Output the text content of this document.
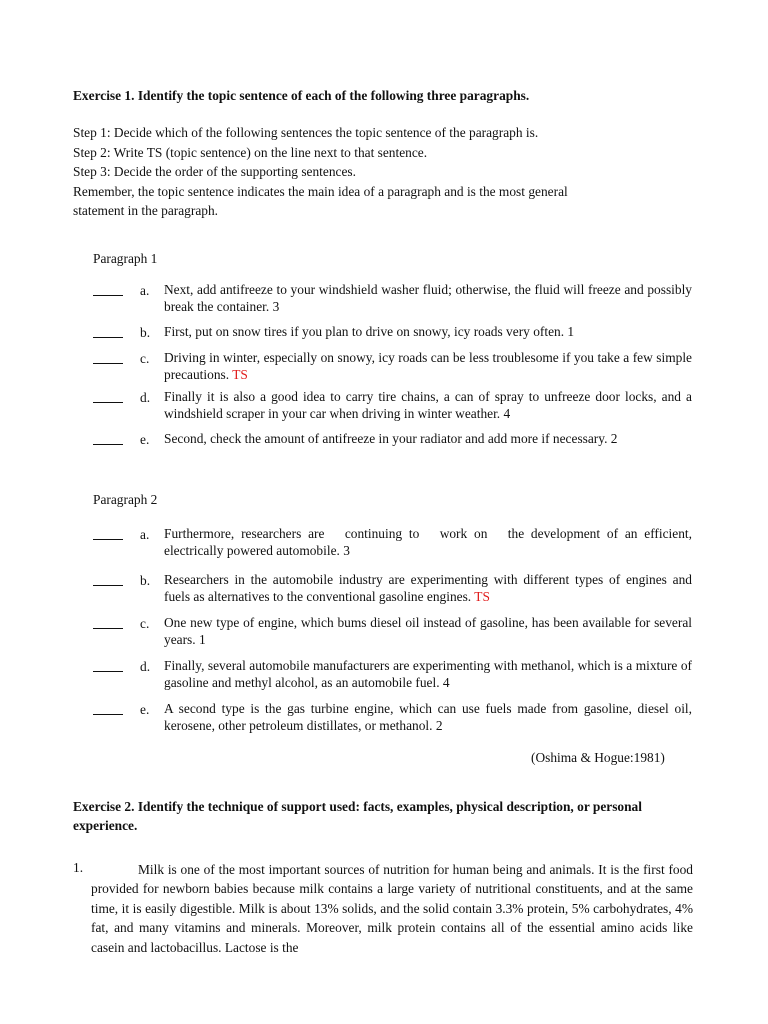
Exercise 1. Identify the topic sentence of each of the following three paragraphs.
Step 1: Decide which of the following sentences the topic sentence of the paragraph is.
Step 2: Write TS (topic sentence) on the line next to that sentence.
Step 3: Decide the order of the supporting sentences.
Remember, the topic sentence indicates the main idea of a paragraph and is the most general
statement in the paragraph.
Paragraph 1
a. Next, add antifreeze to your windshield washer fluid; otherwise, the fluid will freeze and possibly break the container. 3
b. First, put on snow tires if you plan to drive on snowy, icy roads very often. 1
c. Driving in winter, especially on snowy, icy roads can be less troublesome if you take a few simple precautions. TS
d. Finally it is also a good idea to carry tire chains, a can of spray to unfreeze door locks, and a windshield scraper in your car when driving in winter weather. 4
e. Second, check the amount of antifreeze in your radiator and add more if necessary. 2
Paragraph 2
a. Furthermore, researchers are   continuing to   work on   the development of an efficient, electrically powered automobile. 3
b. Researchers in the automobile industry are experimenting with different types of engines and fuels as alternatives to the conventional gasoline engines. TS
c. One new type of engine, which bums diesel oil instead of gasoline, has been available for several years. 1
d. Finally, several automobile manufacturers are experimenting with methanol, which is a mixture of gasoline and methyl alcohol, as an automobile fuel. 4
e. A second type is the gas turbine engine, which can use fuels made from gasoline, diesel oil, kerosene, other petroleum distillates, or methanol. 2
(Oshima & Hogue:1981)
Exercise 2. Identify the technique of support used: facts, examples, physical description, or personal experience.
1.	Milk is one of the most important sources of nutrition for human being and animals. It is the first food provided for newborn babies because milk contains a large variety of nutritional constituents, and at the same time, it is easily digestible. Milk is about 13% solids, and the solid contain 3.3% protein, 5% carbohydrates, 4% fat, and many vitamins and minerals. Moreover, milk protein contains all of the essential amino acids like casein and lactobacillus. Lactose is the
